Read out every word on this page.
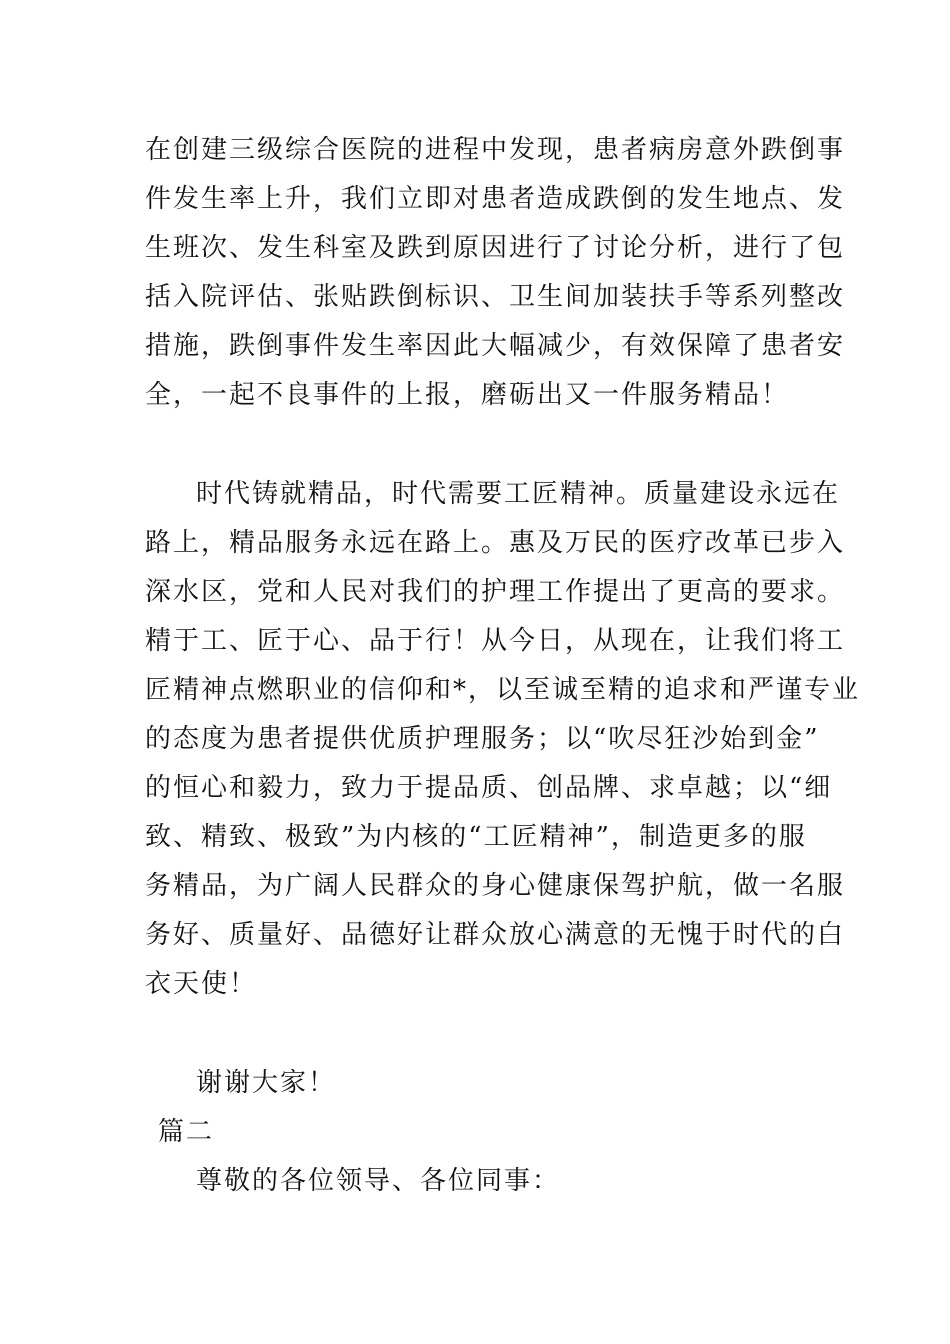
在创建三级综合医院的进程中发现，患者病房意外跌倒事
件发生率上升，我们立即对患者造成跌倒的发生地点、发
生班次、发生科室及跌到原因进行了讨论分析，进行了包
括入院评估、张贴跌倒标识、卫生间加装扶手等系列整改
措施，跌倒事件发生率因此大幅减少，有效保障了患者安
全，一起不良事件的上报，磨砺出又一件服务精品！
时代铸就精品，时代需要工匠精神。质量建设永远在
路上，精品服务永远在路上。惠及万民的医疗改革已步入
深水区，党和人民对我们的护理工作提出了更高的要求。
精于工、匠于心、品于行！从今日，从现在，让我们将工
匠精神点燃职业的信仰和*，以至诚至精的追求和严谨专业
的态度为患者提供优质护理服务；以“吹尽狂沙始到金”
的恒心和毅力，致力于提品质、创品牌、求卓越；以“细
致、精致、极致”为内核的“工匠精神”，制造更多的服
务精品，为广阔人民群众的身心健康保驾护航，做一名服
务好、质量好、品德好让群众放心满意的无愧于时代的白
衣天使！
谢谢大家！
篇二
尊敬的各位领导、各位同事：
